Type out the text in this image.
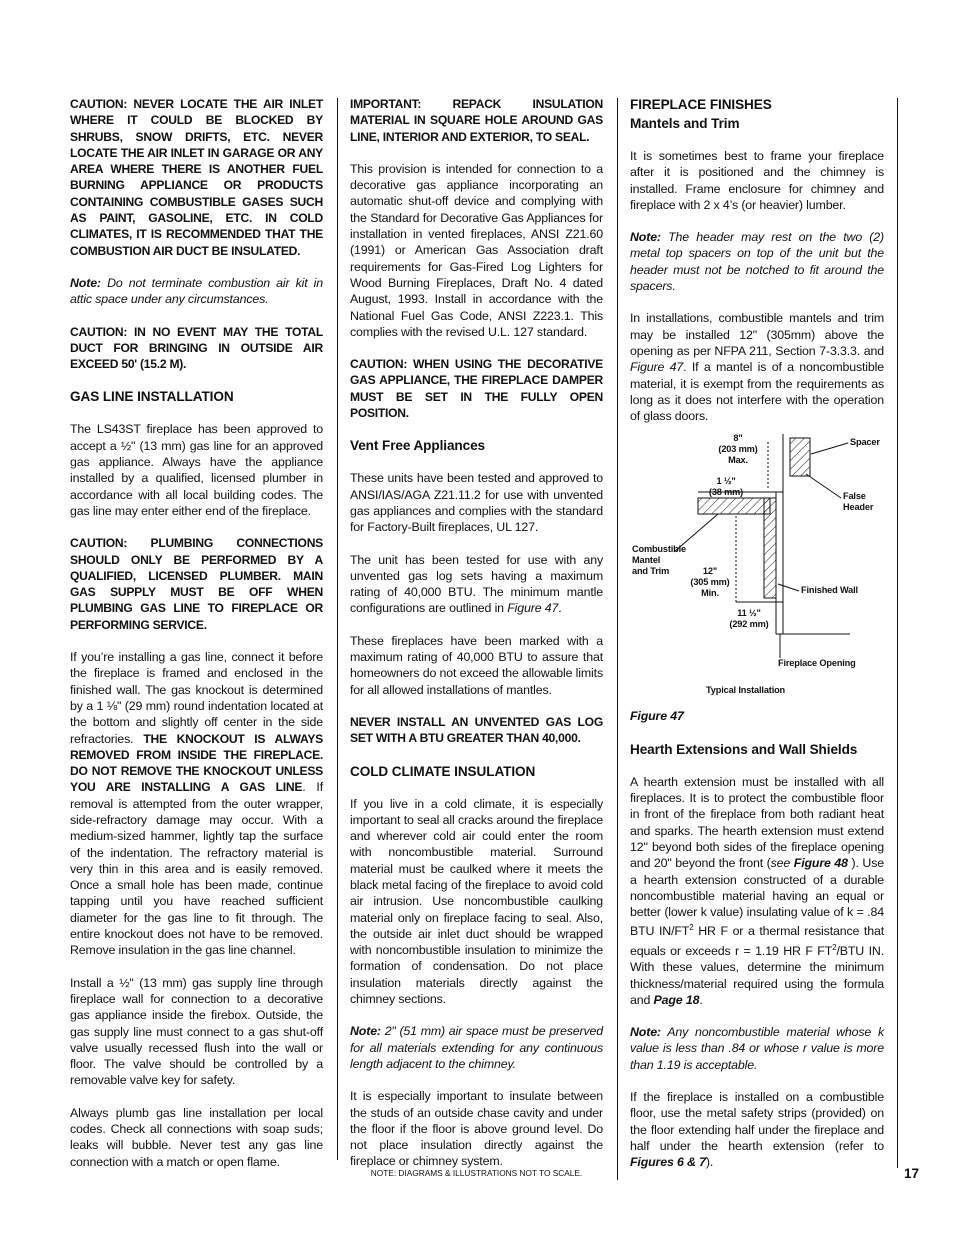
CAUTION: NEVER LOCATE THE AIR INLET WHERE IT COULD BE BLOCKED BY SHRUBS, SNOW DRIFTS, ETC. NEVER LOCATE THE AIR INLET IN GARAGE OR ANY AREA WHERE THERE IS ANOTHER FUEL BURNING APPLIANCE OR PRODUCTS CONTAINING COMBUSTIBLE GASES SUCH AS PAINT, GASOLINE, ETC. IN COLD CLIMATES, IT IS RECOMMENDED THAT THE COMBUSTION AIR DUCT BE INSULATED.

Note: Do not terminate combustion air kit in attic space under any circumstances.

CAUTION: IN NO EVENT MAY THE TOTAL DUCT FOR BRINGING IN OUTSIDE AIR EXCEED 50' (15.2 M).

GAS LINE INSTALLATION

The LS43ST fireplace has been approved to accept a ½" (13 mm) gas line for an approved gas appliance. Always have the appliance installed by a qualified, licensed plumber in accordance with all local building codes. The gas line may enter either end of the fireplace.

CAUTION: PLUMBING CONNECTIONS SHOULD ONLY BE PERFORMED BY A QUALIFIED, LICENSED PLUMBER. MAIN GAS SUPPLY MUST BE OFF WHEN PLUMBING GAS LINE TO FIREPLACE OR PERFORMING SERVICE.

If you’re installing a gas line, connect it before the fireplace is framed and enclosed in the finished wall. The gas knockout is determined by a 1 ⅛" (29 mm) round indentation located at the bottom and slightly off center in the side refractories. THE KNOCKOUT IS ALWAYS REMOVED FROM INSIDE THE FIREPLACE. DO NOT REMOVE THE KNOCKOUT UNLESS YOU ARE INSTALLING A GAS LINE. If removal is attempted from the outer wrapper, side-refractory damage may occur. With a medium-sized hammer, lightly tap the surface of the indentation. The refractory material is very thin in this area and is easily removed. Once a small hole has been made, continue tapping until you have reached sufficient diameter for the gas line to fit through. The entire knockout does not have to be removed. Remove insulation in the gas line channel.

Install a ½" (13 mm) gas supply line through fireplace wall for connection to a decorative gas appliance inside the firebox. Outside, the gas supply line must connect to a gas shut-off valve usually recessed flush into the wall or floor. The valve should be controlled by a removable valve key for safety.

Always plumb gas line installation per local codes. Check all connections with soap suds; leaks will bubble. Never test any gas line connection with a match or open flame.

IMPORTANT: REPACK INSULATION MATERIAL IN SQUARE HOLE AROUND GAS LINE, INTERIOR AND EXTERIOR, TO SEAL.

This provision is intended for connection to a decorative gas appliance incorporating an automatic shut-off device and complying with the Standard for Decorative Gas Appliances for installation in vented fireplaces, ANSI Z21.60 (1991) or American Gas Association draft requirements for Gas-Fired Log Lighters for Wood Burning Fireplaces, Draft No. 4 dated August, 1993. Install in accordance with the National Fuel Gas Code, ANSI Z223.1. This complies with the revised U.L. 127 standard.

CAUTION: WHEN USING THE DECORATIVE GAS APPLIANCE, THE FIREPLACE DAMPER MUST BE SET IN THE FULLY OPEN POSITION.

Vent Free Appliances

These units have been tested and approved to ANSI/IAS/AGA Z21.11.2 for use with unvented gas appliances and complies with the standard for Factory-Built fireplaces, UL 127.

The unit has been tested for use with any unvented gas log sets having a maximum rating of 40,000 BTU. The minimum mantle configurations are outlined in Figure 47.

These fireplaces have been marked with a maximum rating of 40,000 BTU to assure that homeowners do not exceed the allowable limits for all allowed installations of mantles.

NEVER INSTALL AN UNVENTED GAS LOG SET WITH A BTU GREATER THAN 40,000.

COLD CLIMATE INSULATION

If you live in a cold climate, it is especially important to seal all cracks around the fireplace and wherever cold air could enter the room with noncombustible material. Surround material must be caulked where it meets the black metal facing of the fireplace to avoid cold air intrusion. Use noncombustible caulking material only on fireplace facing to seal. Also, the outside air inlet duct should be wrapped with noncombustible insulation to minimize the formation of condensation. Do not place insulation materials directly against the chimney sections.

Note: 2" (51 mm) air space must be preserved for all materials extending for any continuous length adjacent to the chimney.

It is especially important to insulate between the studs of an outside chase cavity and under the floor if the floor is above ground level. Do not place insulation directly against the fireplace or chimney system.

FIREPLACE FINISHES

Mantels and Trim

It is sometimes best to frame your fireplace after it is positioned and the chimney is installed. Frame enclosure for chimney and fireplace with 2 x 4’s (or heavier) lumber.

Note: The header may rest on the two (2) metal top spacers on top of the unit but the header must not be notched to fit around the spacers.

In installations, combustible mantels and trim may be installed 12" (305mm) above the opening as per NFPA 211, Section 7-3.3.3. and Figure 47. If a mantel is of a noncombustible material, it is exempt from the requirements as long as it does not interfere with the operation of glass doors.

8"
(203 mm)
Max.
Spacer
1 ½"
(38 mm)	False
Header
Combustible
Mantel
and Trim	12"
(305 mm)
Min.	Finished Wall
11 ½"
(292 mm)
Fireplace Opening
Typical Installation

Figure 47

Hearth Extensions and Wall Shields

A hearth extension must be installed with all fireplaces. It is to protect the combustible floor in front of the fireplace from both radiant heat and sparks. The hearth extension must extend 12" beyond both sides of the fireplace opening and 20" beyond the front (see Figure 48 ). Use a hearth extension constructed of a durable noncombustible material having an equal or better (lower k value) insulating value of k = .84 BTU $IN/FT^2$ HR F or a thermal resistance that equals or exceeds r = 1.19 HR F $FT^2$/BTU IN. With these values, determine the minimum thickness/material required using the formula and Page 18.

Note: Any noncombustible material whose k value is less than .84 or whose r value is more than 1.19 is acceptable.

If the fireplace is installed on a combustible floor, use the metal safety strips (provided) on the floor extending half under the fireplace and half under the hearth extension (refer to Figures 6 & 7).

NOTE: DIAGRAMS & ILLUSTRATIONS NOT TO SCALE.	17
